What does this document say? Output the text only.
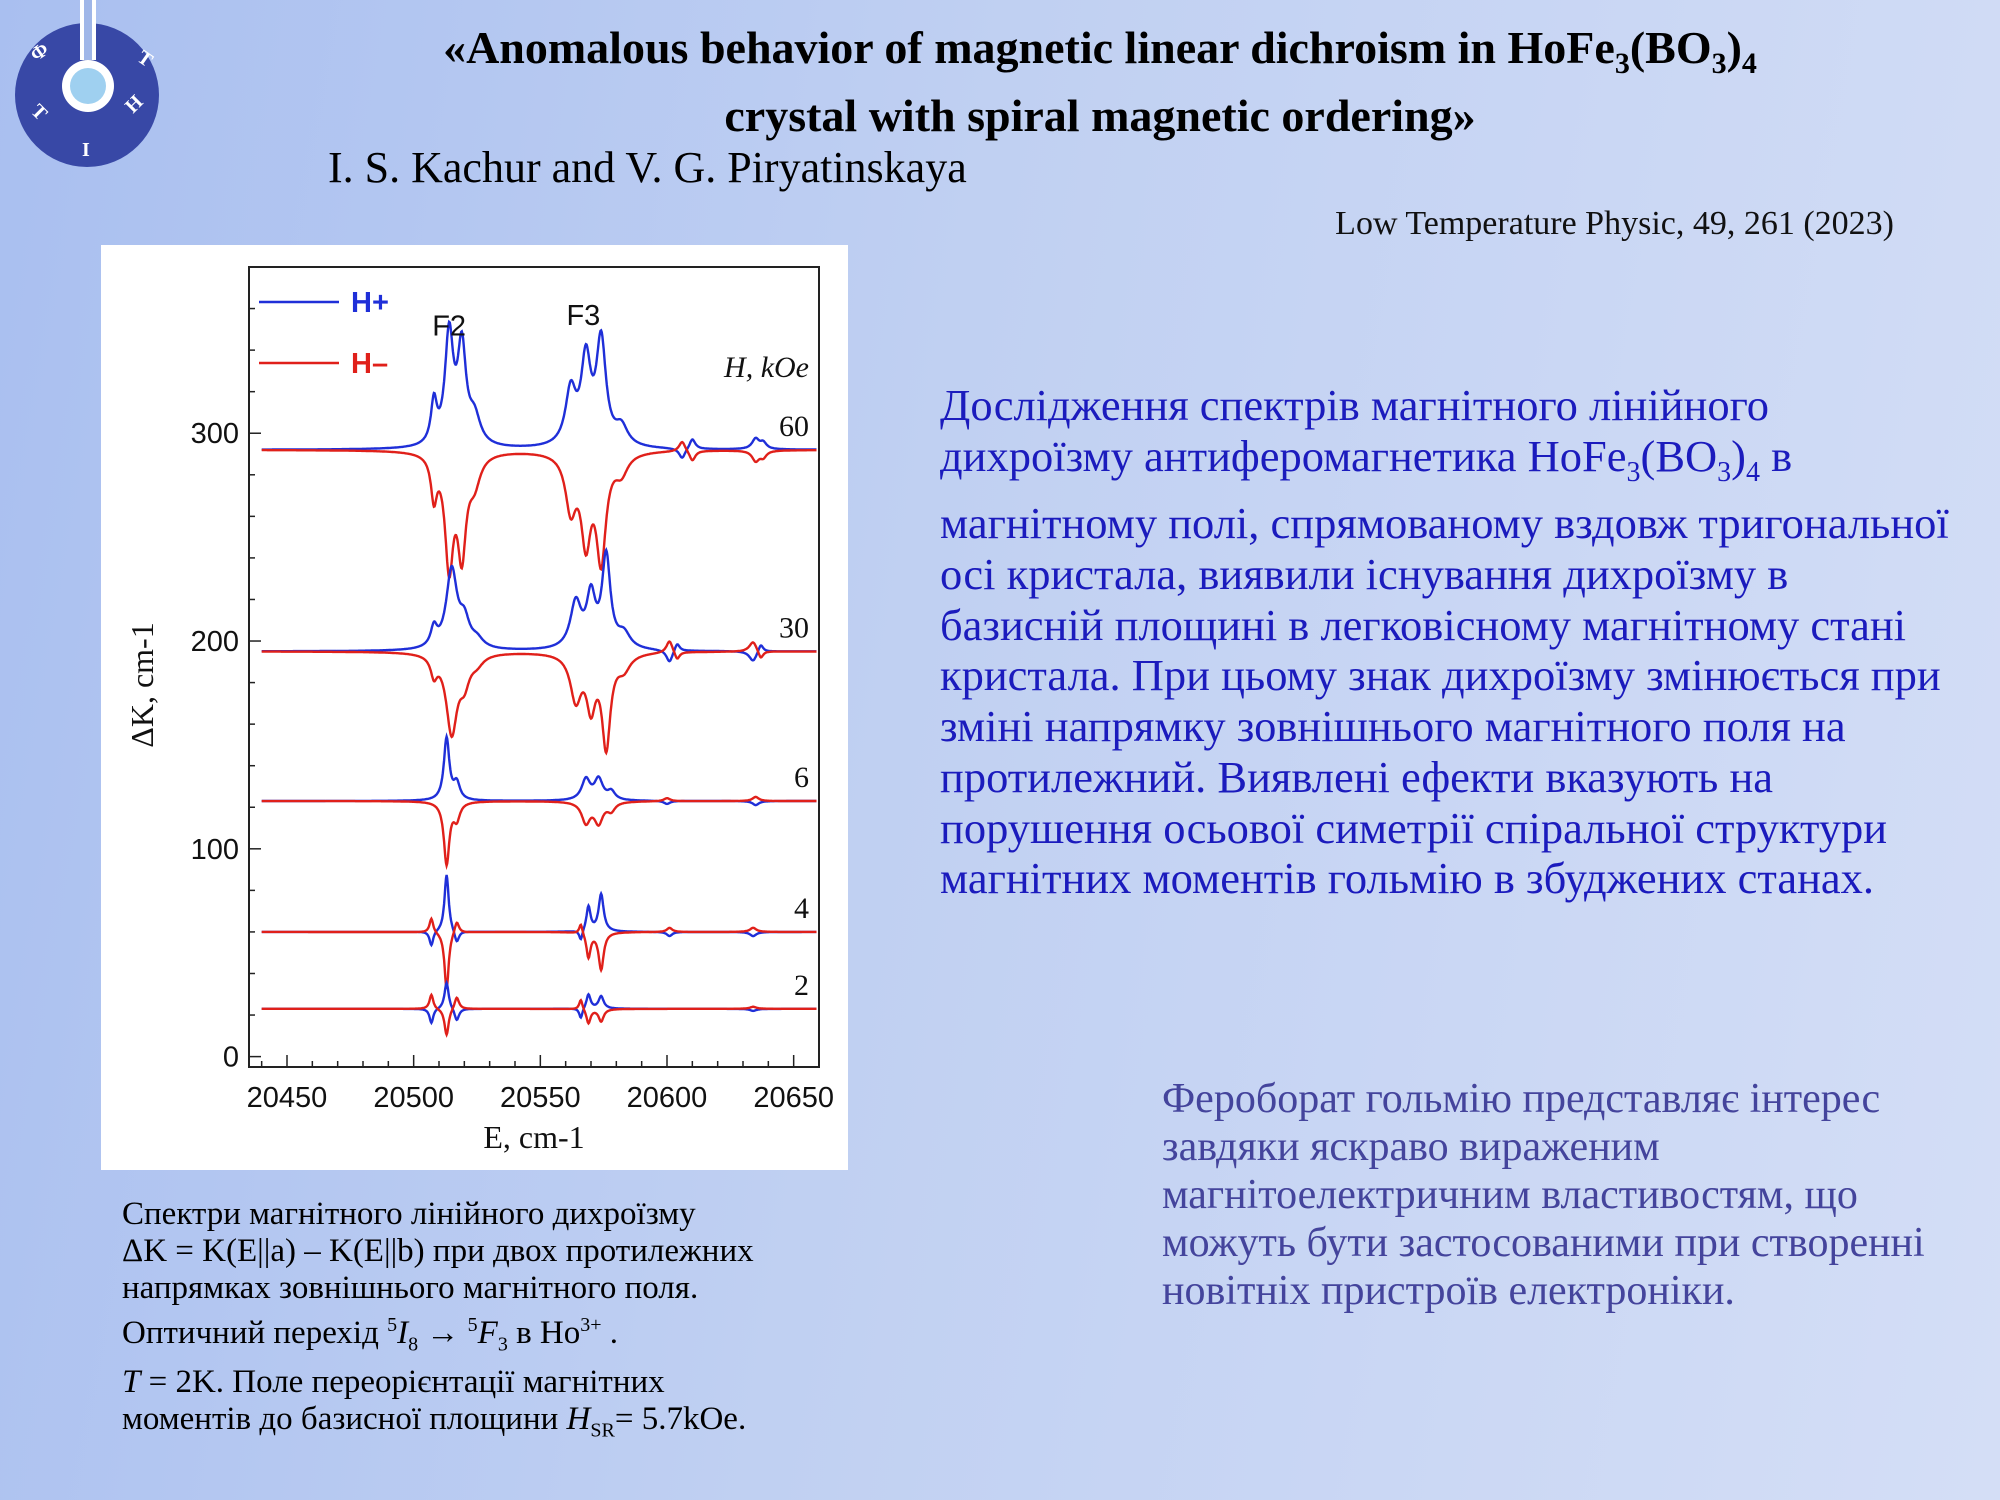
Ф
Т
І
Н
Т	«Anomalous behavior of magnetic linear dichroism in $HoFe_3(BO_3)_4$
crystal with spiral magnetic ordering»
I. S. Kachur and V. G. Piryatinskaya
Low Temperature Physic, 49, 261 (2023)
20450 20500 20550 20600 20650
0
100
200
300
F2	F3
60
30
6
4
2
ΔK, cm-1
E, cm-1
H+
H–	H, kOe
Спектри магнітного лінійного дихроїзму
ΔK = K(E||a) – K(E||b) при двох протилежних
напрямках зовнішнього магнітного поля.
Оптичний перехід $^5I_8 \to ^5F_3$ в $Ho^{3+}$ .
T = 2K. Поле переорієнтації магнітних
моментів до базисної площини $H_{SR}= 5.7kOe$.
Дослідження спектрів магнітного лінійного дихроїзму антиферомагнетика $HoFe_3(BO_3)_4$ в магнітному полі, спрямованому вздовж тригональної осі кристала, виявили існування дихроїзму в базисній площині в легковісному магнітному стані кристала. При цьому знак дихроїзму змінюється при зміні напрямку зовнішнього магнітного поля на протилежний. Виявлені ефекти вказують на порушення осьової симетрії спіральної структури магнітних моментів гольмію в збуджених станах.
Фероборат гольмію представляє інтерес завдяки яскраво вираженим магнітоелектричним властивостям, що можуть бути застосованими при створенні новітніх пристроїв електроніки.
